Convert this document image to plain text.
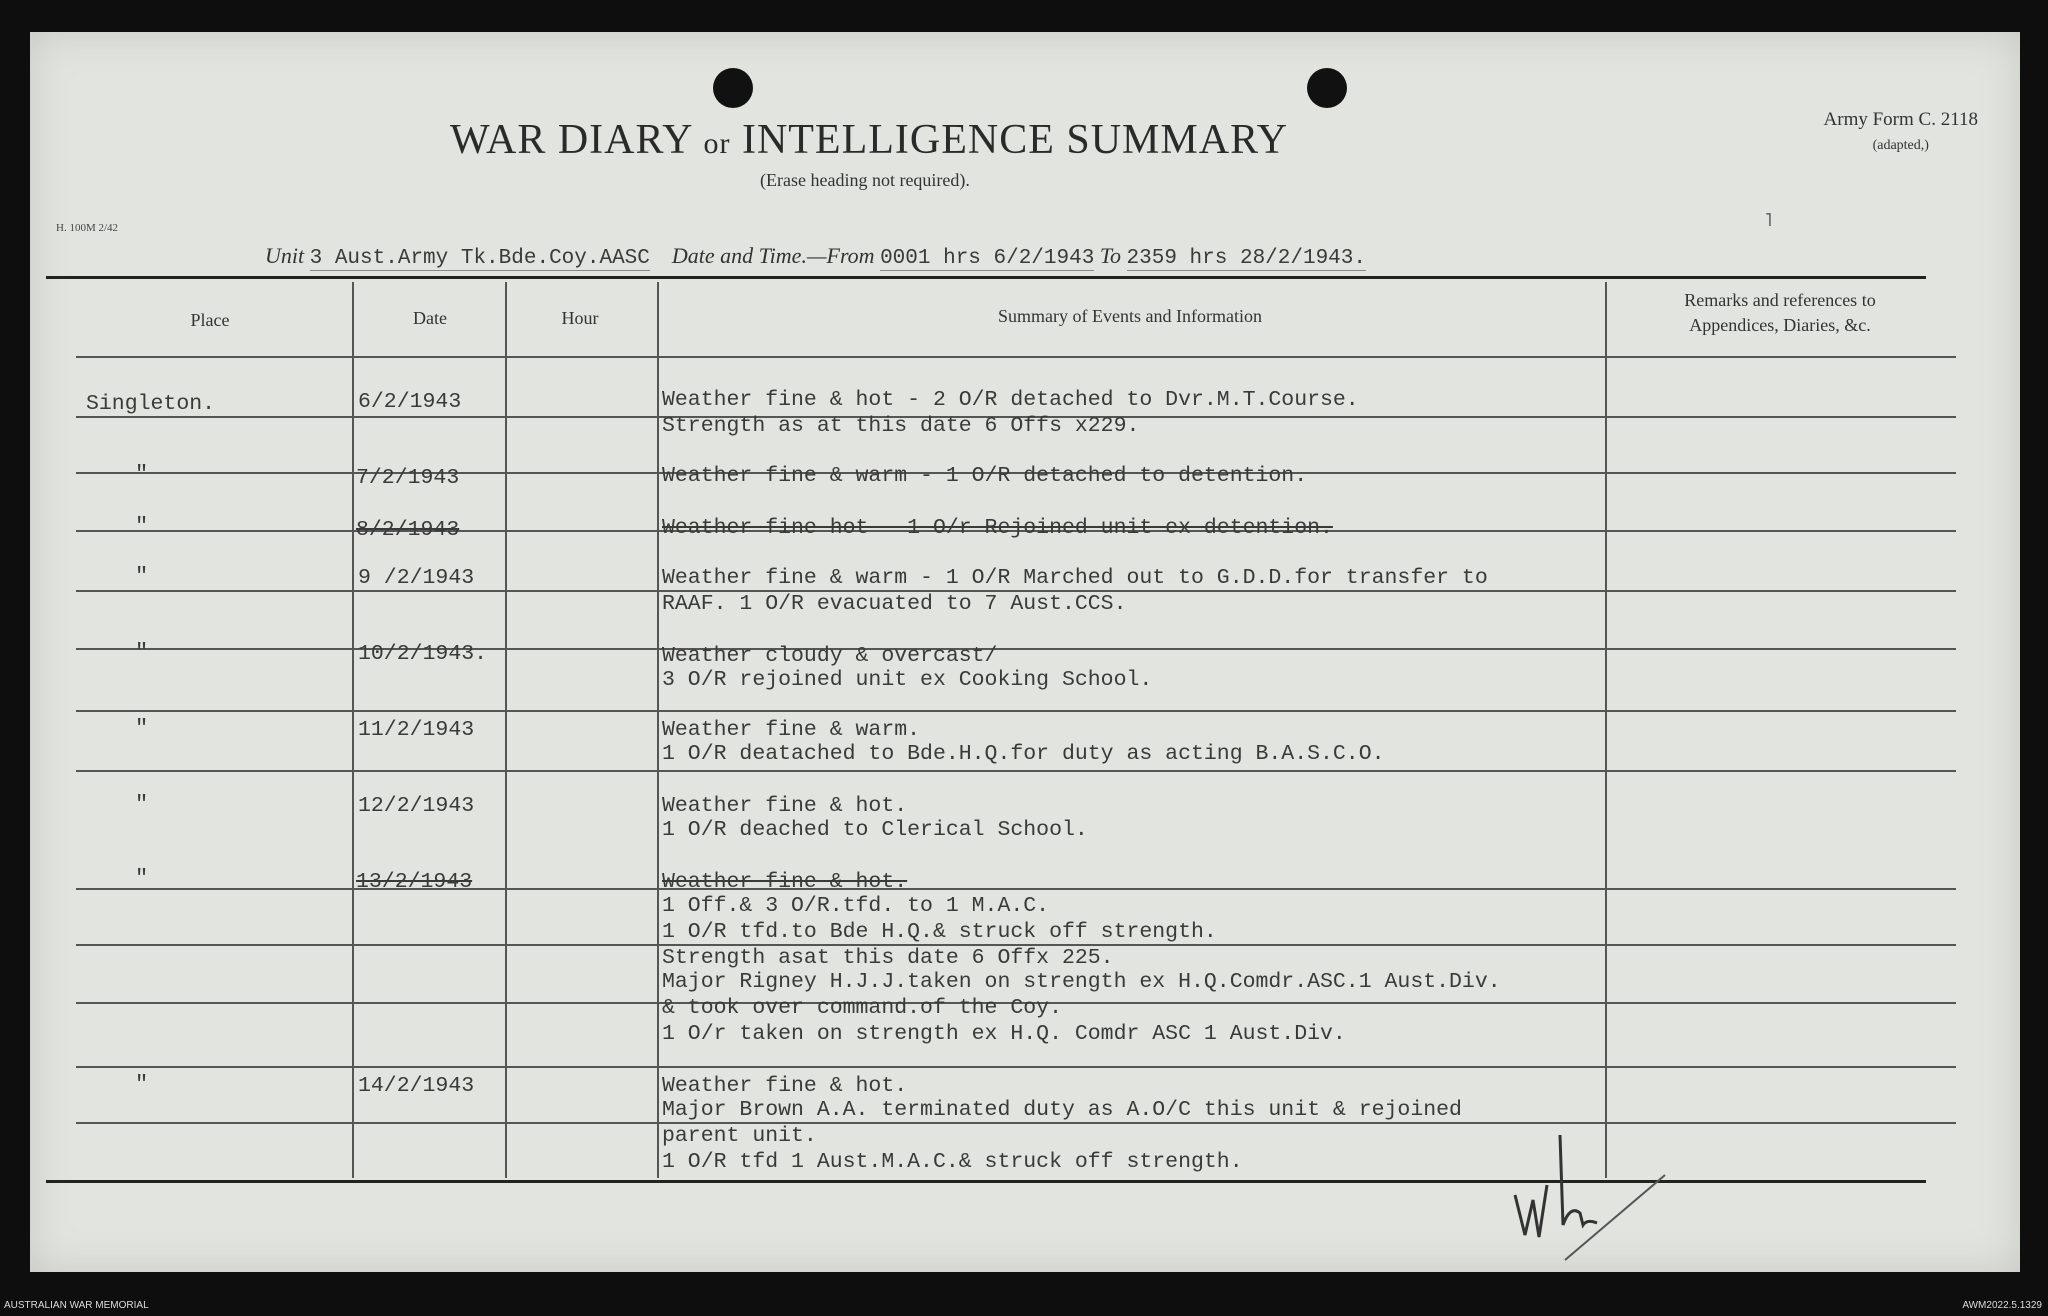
WAR DIARY or INTELLIGENCE SUMMARY
(Erase heading not required).
Army Form C. 2118
(adapted,)
˥
H. 100M 2/42
Unit 3 Aust.Army Tk.Bde.Coy.AASC Date and Time.—From 0001 hrs 6/2/1943 To 2359 hrs 28/2/1943.
Place	Date	Hour	Summary of Events and Information
Remarks and references to Appendices, Diaries, &c.
Singleton.	6/2/1943	Weather fine & hot - 2 O/R detached to Dvr.M.T.Course.
Strength as at this date 6 Offs x229.
"	7/2/1943	Weather fine & warm - 1 O/R detached to detention.
"	8/2/1943	Weather fine hot - 1 O/r Rejoined unit ex detention.
"	9 /2/1943	Weather fine & warm - 1 O/R Marched out to G.D.D.for transfer to
RAAF. 1 O/R evacuated to 7 Aust.CCS.
"	10/2/1943.	Weather cloudy & overcast/
3 O/R rejoined unit ex Cooking School.
"	11/2/1943	Weather fine & warm.
1 O/R deatached to Bde.H.Q.for duty as acting B.A.S.C.O.
"	12/2/1943	Weather fine & hot.
1 O/R deached to Clerical School.
"	13/2/1943	Weather fine & hot.
1 Off.& 3 O/R.tfd. to 1 M.A.C.
1 O/R tfd.to Bde H.Q.& struck off strength.
Strength asat this date 6 Offx 225.
Major Rigney H.J.J.taken on strength ex H.Q.Comdr.ASC.1 Aust.Div.
& took over command.of the Coy.
1 O/r taken on strength ex H.Q. Comdr ASC 1 Aust.Div.
"	14/2/1943	Weather fine & hot.
Major Brown A.A. terminated duty as A.O/C this unit & rejoined
parent unit.
1 O/R tfd 1 Aust.M.A.C.& struck off strength.
AUSTRALIAN WAR MEMORIAL	AWM2022.5.1329
